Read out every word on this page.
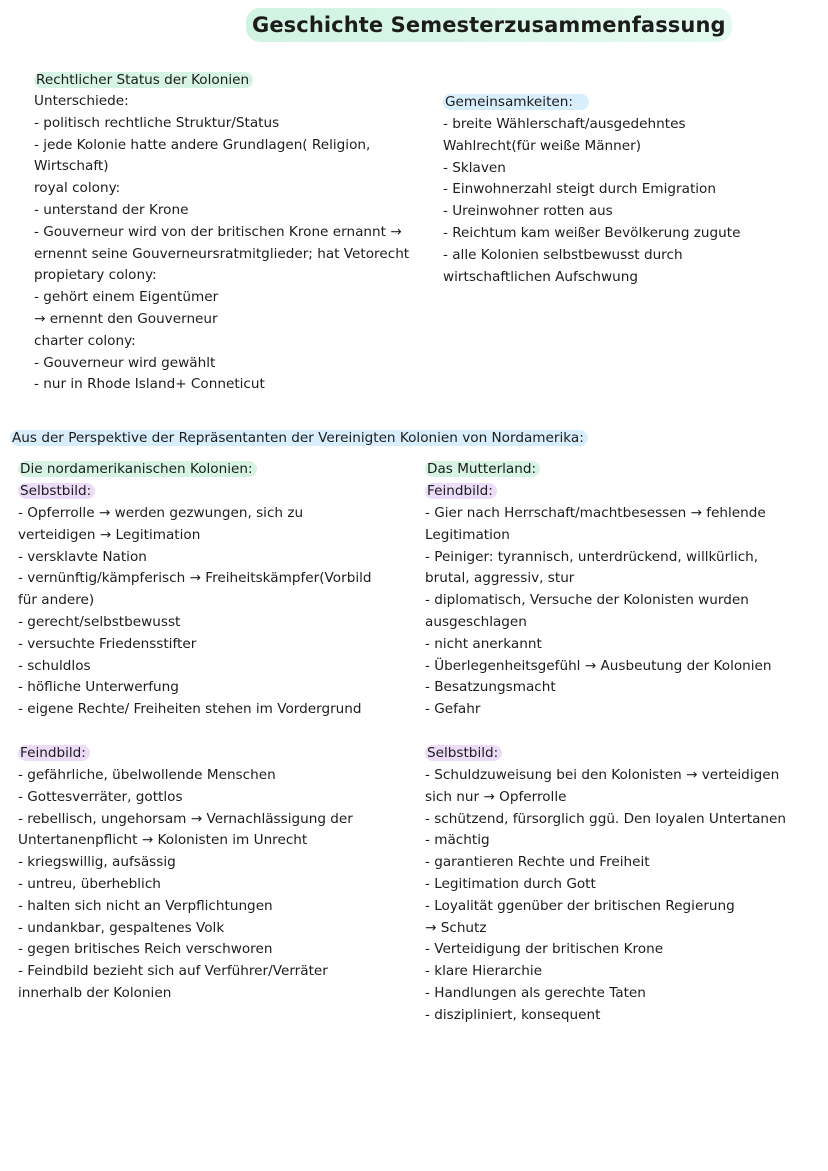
Geschichte Semesterzusammenfassung
Rechtlicher Status der Kolonien
Unterschiede:
- politisch rechtliche Struktur/Status
- jede Kolonie hatte andere Grundlagen( Religion,
Wirtschaft)
royal colony:
- unterstand der Krone
- Gouverneur wird von der britischen Krone ernannt →
ernennt seine Gouverneursratmitglieder; hat Vetorecht
propietary colony:
- gehört einem Eigentümer
→ ernennt den Gouverneur
charter colony:
- Gouverneur wird gewählt
- nur in Rhode Island+ Conneticut
Gemeinsamkeiten:
- breite Wählerschaft/ausgedehntes
Wahlrecht(für weiße Männer)
- Sklaven
- Einwohnerzahl steigt durch Emigration
- Ureinwohner rotten aus
- Reichtum kam weißer Bevölkerung zugute
- alle Kolonien selbstbewusst durch
wirtschaftlichen Aufschwung
Aus der Perspektive der Repräsentanten der Vereinigten Kolonien von Nordamerika:
Die nordamerikanischen Kolonien:
Selbstbild:
- Opferrolle → werden gezwungen, sich zu
verteidigen → Legitimation
- versklavte Nation
- vernünftig/kämpferisch → Freiheitskämpfer(Vorbild
für andere)
- gerecht/selbstbewusst
- versuchte Friedensstifter
- schuldlos
- höfliche Unterwerfung
- eigene Rechte/ Freiheiten stehen im Vordergrund
Feindbild:
- gefährliche, übelwollende Menschen
- Gottesverräter, gottlos
- rebellisch, ungehorsam → Vernachlässigung der
Untertanenpflicht → Kolonisten im Unrecht
- kriegswillig, aufsässig
- untreu, überheblich
- halten sich nicht an Verpflichtungen
- undankbar, gespaltenes Volk
- gegen britisches Reich verschworen
- Feindbild bezieht sich auf Verführer/Verräter
innerhalb der Kolonien
Das Mutterland:
Feindbild:
- Gier nach Herrschaft/machtbesessen → fehlende
Legitimation
- Peiniger: tyrannisch, unterdrückend, willkürlich,
brutal, aggressiv, stur
- diplomatisch, Versuche der Kolonisten wurden
ausgeschlagen
- nicht anerkannt
- Überlegenheitsgefühl → Ausbeutung der Kolonien
- Besatzungsmacht
- Gefahr
Selbstbild:
- Schuldzuweisung bei den Kolonisten → verteidigen
sich nur → Opferrolle
- schützend, fürsorglich ggü. Den loyalen Untertanen
- mächtig
- garantieren Rechte und Freiheit
- Legitimation durch Gott
- Loyalität ggenüber der britischen Regierung
→ Schutz
- Verteidigung der britischen Krone
- klare Hierarchie
- Handlungen als gerechte Taten
- diszipliniert, konsequent
